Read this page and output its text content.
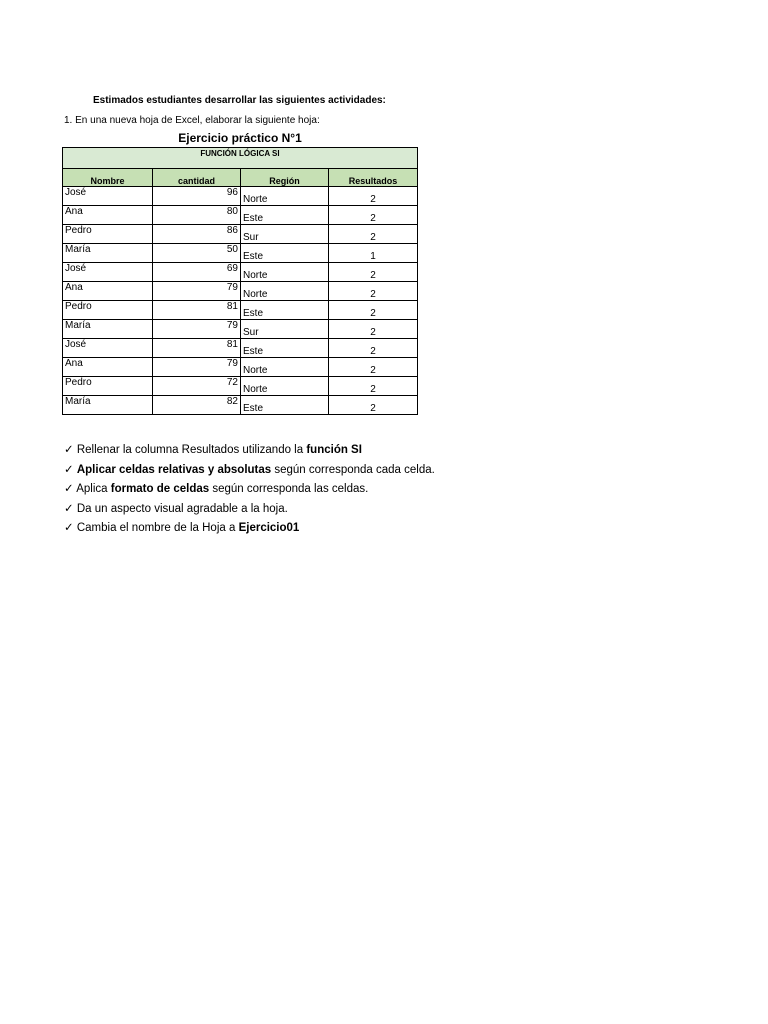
Estimados estudiantes desarrollar las siguientes actividades:
1. En una nueva hoja de Excel, elaborar la siguiente hoja:
Ejercicio práctico N°1
FUNCIÓN LÓGICA SI			
Nombre	cantidad	Región	Resultados
José	96	Norte	2
Ana	80	Este	2
Pedro	86	Sur	2
María	50	Este	1
José	69	Norte	2
Ana	79	Norte	2
Pedro	81	Este	2
María	79	Sur	2
José	81	Este	2
Ana	79	Norte	2
Pedro	72	Norte	2
María	82	Este	2
✓ Rellenar la columna Resultados utilizando la función SI
✓ Aplicar celdas relativas y absolutas según corresponda cada celda.
✓ Aplica formato de celdas según corresponda las celdas.
✓ Da un aspecto visual agradable a la hoja.
✓ Cambia el nombre de la Hoja a Ejercicio01
